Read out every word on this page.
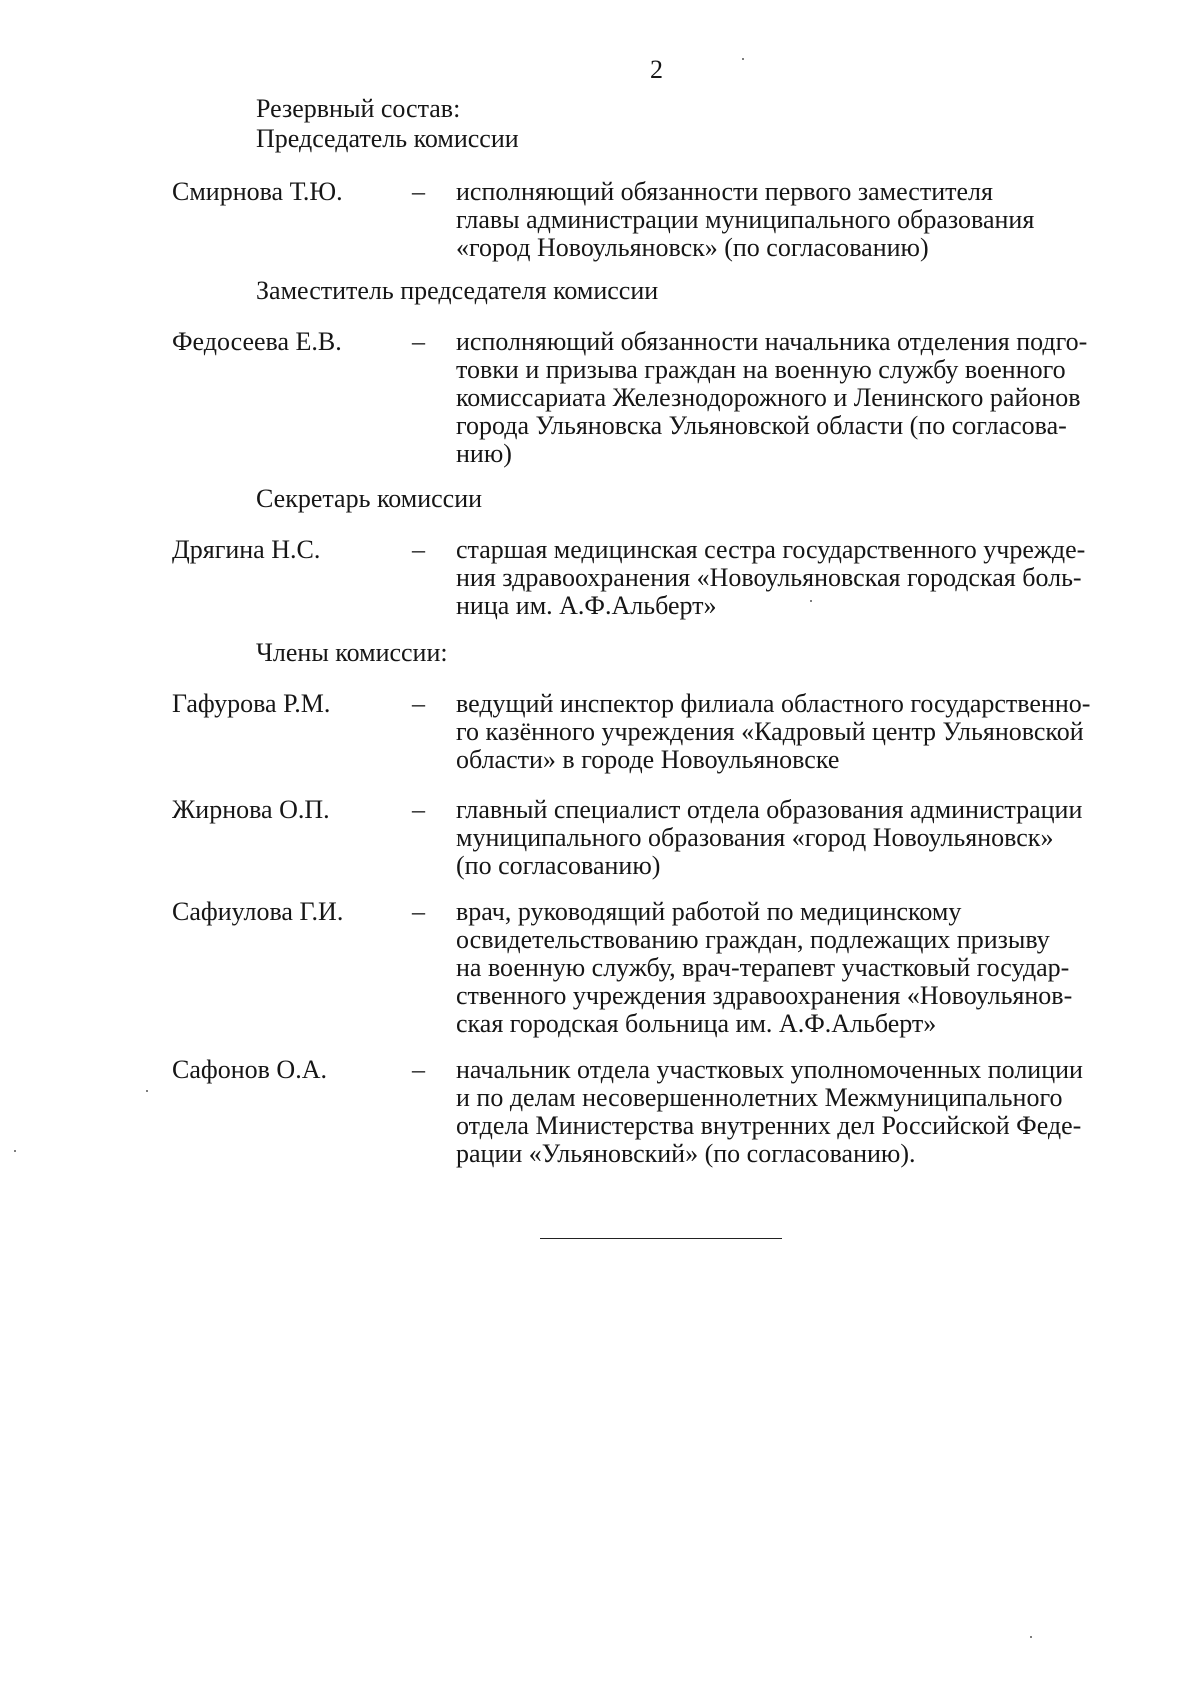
2
Резервный состав:
Председатель комиссии
Смирнова Т.Ю.	– исполняющий обязанности первого заместителя

главы администрации муниципального образования

«город Новоульяновск» (по согласованию)

Заместитель председателя комиссии
Федосеева Е.В.	– исполняющий обязанности начальника отделения подго-

товки и призыва граждан на военную службу военного

комиссариата Железнодорожного и Ленинского районов

города Ульяновска Ульяновской области (по согласова-

нию)

Секретарь комиссии
Дрягина Н.С.	– старшая медицинская сестра государственного учрежде-

ния здравоохранения «Новоульяновская городская боль-

ница им. А.Ф.Альберт»

Члены комиссии:
Гафурова Р.М.	– ведущий инспектор филиала областного государственно-

го казённого учреждения «Кадровый центр Ульяновской

области» в городе Новоульяновске

Жирнова О.П.	– главный специалист отдела образования администрации

муниципального образования «город Новоульяновск»

(по согласованию)

Сафиулова Г.И.	– врач, руководящий работой по медицинскому

освидетельствованию граждан, подлежащих призыву

на военную службу, врач-терапевт участковый государ-

ственного учреждения здравоохранения «Новоульянов-

ская городская больница им. А.Ф.Альберт»

Сафонов О.А.	– начальник отдела участковых уполномоченных полиции

и по делам несовершеннолетних Межмуниципального

отдела Министерства внутренних дел Российской Феде-

рации «Ульяновский» (по согласованию).
